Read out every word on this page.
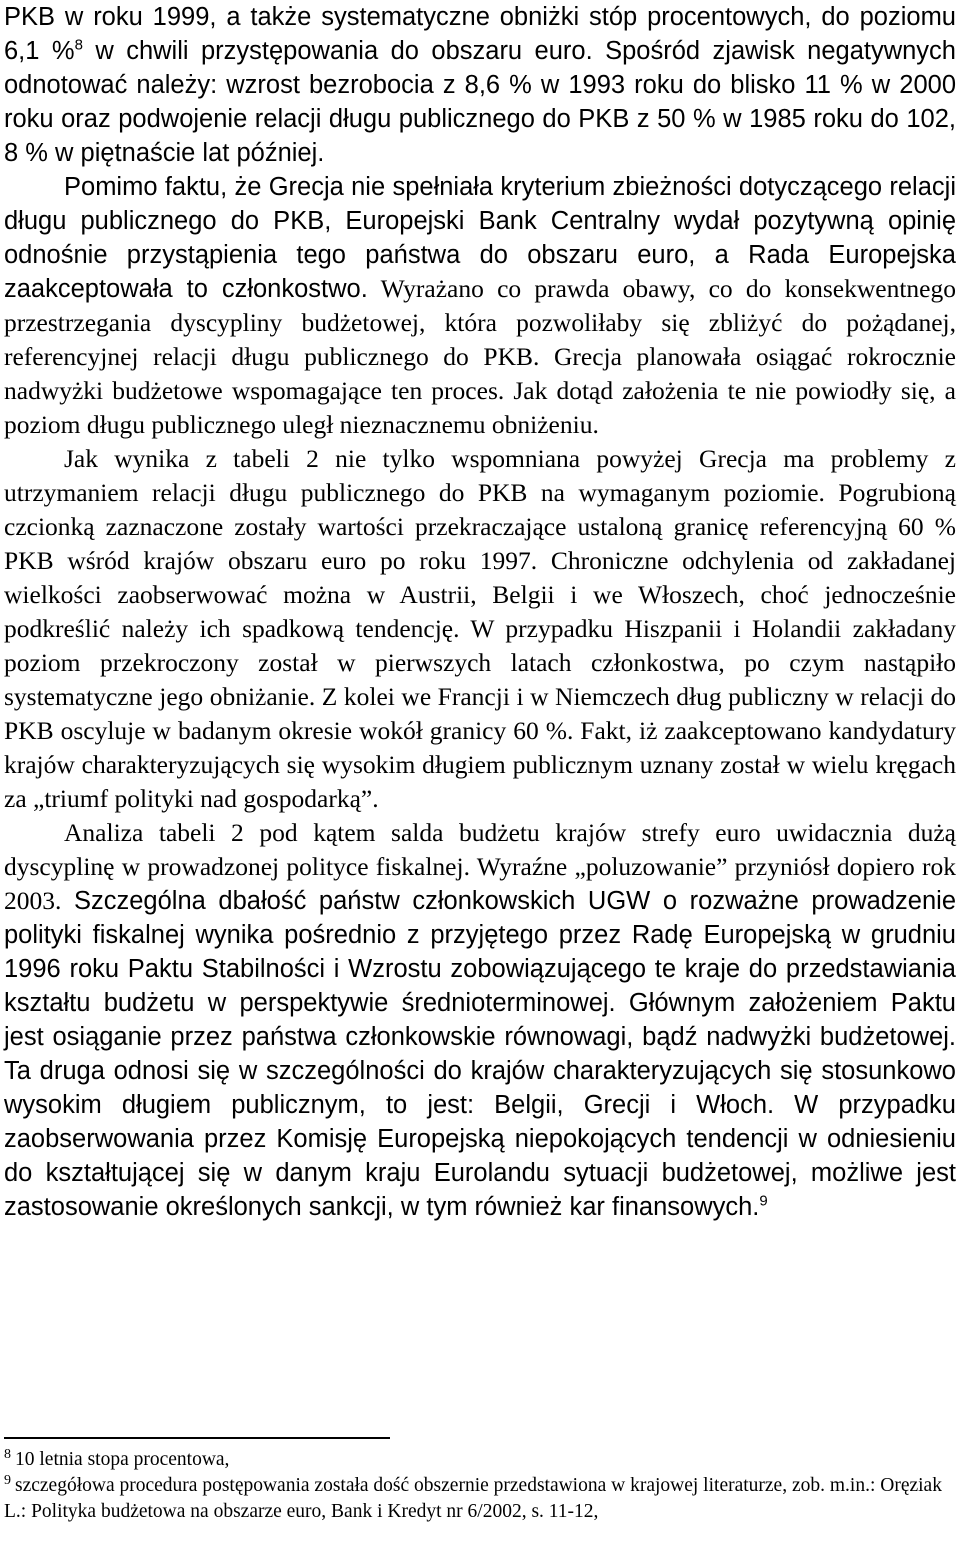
PKB w roku 1999, a także systematyczne obniżki stóp procentowych, do poziomu 6,1 %$^8$ w chwili przystępowania do obszaru euro. Spośród zjawisk negatywnych odnotować należy: wzrost bezrobocia z 8,6 % w 1993 roku do blisko 11 % w 2000 roku oraz podwojenie relacji długu publicznego do PKB z 50 % w 1985 roku do 102, 8 % w piętnaście lat później.

Pomimo faktu, że Grecja nie spełniała kryterium zbieżności dotyczącego relacji długu publicznego do PKB, Europejski Bank Centralny wydał pozytywną opinię odnośnie przystąpienia tego państwa do obszaru euro, a Rada Europejska zaakceptowała to członkostwo. Wyrażano co prawda obawy, co do konsekwentnego przestrzegania dyscypliny budżetowej, która pozwoliłaby się zbliżyć do pożądanej, referencyjnej relacji długu publicznego do PKB. Grecja planowała osiągać rokrocznie nadwyżki budżetowe wspomagające ten proces. Jak dotąd założenia te nie powiodły się, a poziom długu publicznego uległ nieznacznemu obniżeniu.

Jak wynika z tabeli 2 nie tylko wspomniana powyżej Grecja ma problemy z utrzymaniem relacji długu publicznego do PKB na wymaganym poziomie. Pogrubioną czcionką zaznaczone zostały wartości przekraczające ustaloną granicę referencyjną 60 % PKB wśród krajów obszaru euro po roku 1997. Chroniczne odchylenia od zakładanej wielkości zaobserwować można w Austrii, Belgii i we Włoszech, choć jednocześnie podkreślić należy ich spadkową tendencję. W przypadku Hiszpanii i Holandii zakładany poziom przekroczony został w pierwszych latach członkostwa, po czym nastąpiło systematyczne jego obniżanie. Z kolei we Francji i w Niemczech dług publiczny w relacji do PKB oscyluje w badanym okresie wokół granicy 60 %. Fakt, iż zaakceptowano kandydatury krajów charakteryzujących się wysokim długiem publicznym uznany został w wielu kręgach za „triumf polityki nad gospodarką”.

Analiza tabeli 2 pod kątem salda budżetu krajów strefy euro uwidacznia dużą dyscyplinę w prowadzonej polityce fiskalnej. Wyraźne „poluzowanie” przyniósł dopiero rok 2003. Szczególna dbałość państw członkowskich UGW o rozważne prowadzenie polityki fiskalnej wynika pośrednio z przyjętego przez Radę Europejską w grudniu 1996 roku Paktu Stabilności i Wzrostu zobowiązującego te kraje do przedstawiania kształtu budżetu w perspektywie średnioterminowej. Głównym założeniem Paktu jest osiąganie przez państwa członkowskie równowagi, bądź nadwyżki budżetowej. Ta druga odnosi się w szczególności do krajów charakteryzujących się stosunkowo wysokim długiem publicznym, to jest: Belgii, Grecji i Włoch. W przypadku zaobserwowania przez Komisję Europejską niepokojących tendencji w odniesieniu do kształtującej się w danym kraju Eurolandu sytuacji budżetowej, możliwe jest zastosowanie określonych sankcji, w tym również kar finansowych.$^9$

$^8$ 10 letnia stopa procentowa,

$^9$ szczegółowa procedura postępowania została dość obszernie przedstawiona w krajowej literaturze, zob. m.in.: Oręziak L.: Polityka budżetowa na obszarze euro, Bank i Kredyt nr 6/2002, s. 11-12,
